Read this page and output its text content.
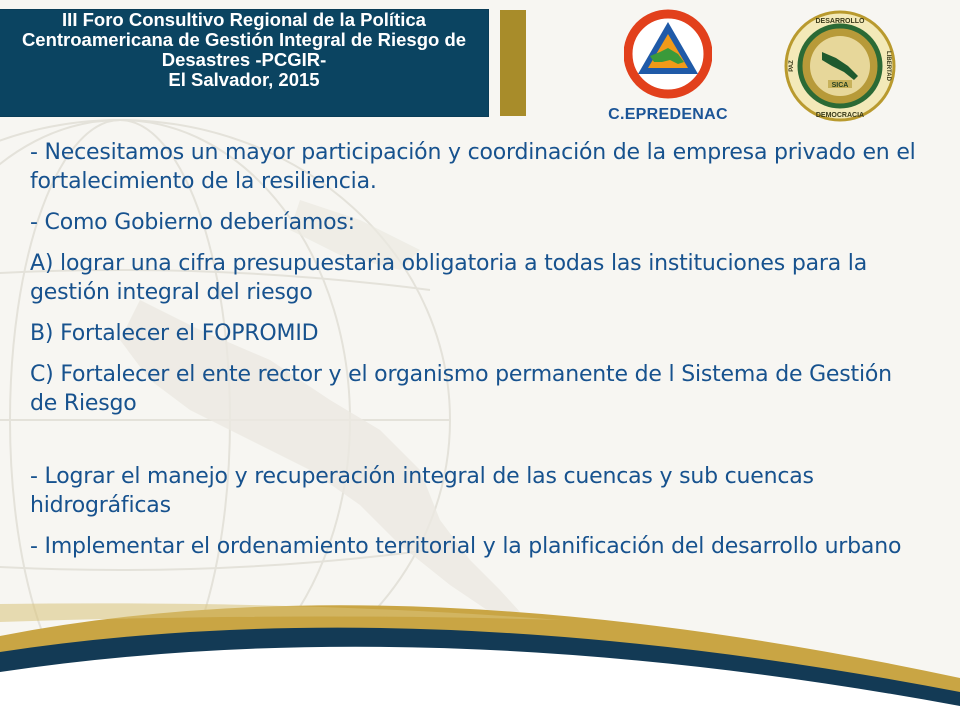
III Foro Consultivo Regional de la Política
Centroamericana de Gestión Integral de Riesgo de
Desastres -PCGIR-
El Salvador, 2015
C.EPREDENAC
SICA
DESARROLLO
DEMOCRACIA
LIBERTAD
PAZ

- Necesitamos un mayor participación y coordinación de la empresa privado en el fortalecimiento de la resiliencia.

- Como Gobierno deberíamos:

A) lograr una cifra presupuestaria obligatoria a todas las instituciones para la gestión integral del riesgo

B) Fortalecer el FOPROMID

C) Fortalecer el ente rector y el organismo permanente de l Sistema de Gestión de Riesgo

- Lograr el manejo y recuperación integral de las cuencas y sub cuencas hidrográficas

- Implementar el ordenamiento territorial y la planificación del desarrollo urbano
